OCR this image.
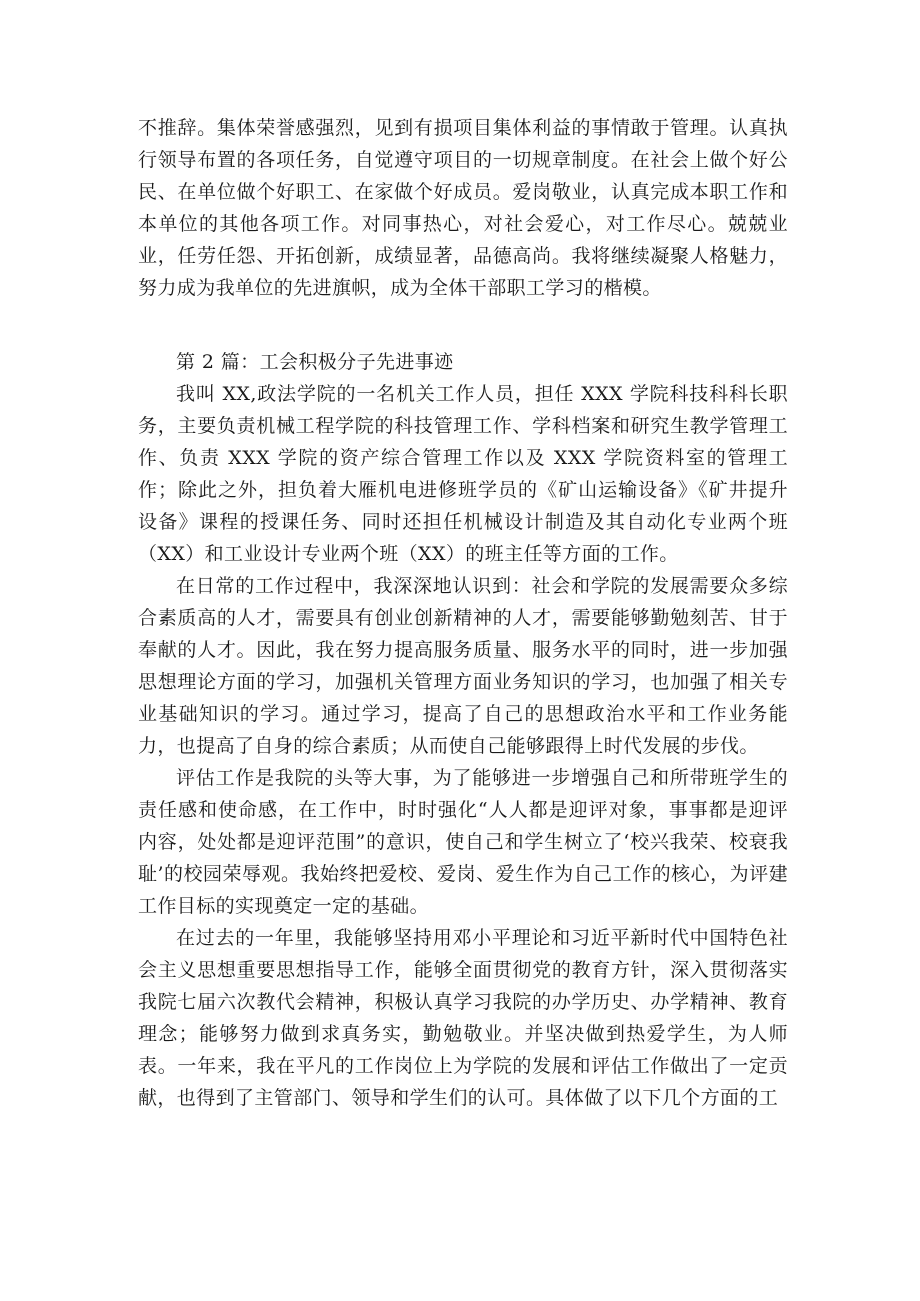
不推辞。集体荣誉感强烈，见到有损项目集体利益的事情敢于管理。认真执行领导布置的各项任务，自觉遵守项目的一切规章制度。在社会上做个好公民、在单位做个好职工、在家做个好成员。爱岗敬业，认真完成本职工作和本单位的其他各项工作。对同事热心，对社会爱心，对工作尽心。兢兢业业，任劳任怨、开拓创新，成绩显著，品德高尚。我将继续凝聚人格魅力，努力成为我单位的先进旗帜，成为全体干部职工学习的楷模。

第 2 篇：工会积极分子先进事迹

我叫 XX,政法学院的一名机关工作人员，担任 XXX 学院科技科科长职务，主要负责机械工程学院的科技管理工作、学科档案和研究生教学管理工作、负责 XXX 学院的资产综合管理工作以及 XXX 学院资料室的管理工作；除此之外，担负着大雁机电进修班学员的《矿山运输设备》《矿井提升设备》课程的授课任务、同时还担任机械设计制造及其自动化专业两个班（XX）和工业设计专业两个班（XX）的班主任等方面的工作。

在日常的工作过程中，我深深地认识到：社会和学院的发展需要众多综合素质高的人才，需要具有创业创新精神的人才，需要能够勤勉刻苦、甘于奉献的人才。因此，我在努力提高服务质量、服务水平的同时，进一步加强思想理论方面的学习，加强机关管理方面业务知识的学习，也加强了相关专业基础知识的学习。通过学习，提高了自己的思想政治水平和工作业务能力，也提高了自身的综合素质；从而使自己能够跟得上时代发展的步伐。

评估工作是我院的头等大事，为了能够进一步增强自己和所带班学生的责任感和使命感，在工作中，时时强化“人人都是迎评对象，事事都是迎评内容，处处都是迎评范围”的意识，使自己和学生树立了‘校兴我荣、校衰我耻’的校园荣辱观。我始终把爱校、爱岗、爱生作为自己工作的核心，为评建工作目标的实现奠定一定的基础。

在过去的一年里，我能够坚持用邓小平理论和习近平新时代中国特色社会主义思想重要思想指导工作，能够全面贯彻党的教育方针，深入贯彻落实我院七届六次教代会精神，积极认真学习我院的办学历史、办学精神、教育理念；能够努力做到求真务实，勤勉敬业。并坚决做到热爱学生，为人师表。一年来，我在平凡的工作岗位上为学院的发展和评估工作做出了一定贡献，也得到了主管部门、领导和学生们的认可。具体做了以下几个方面的工
